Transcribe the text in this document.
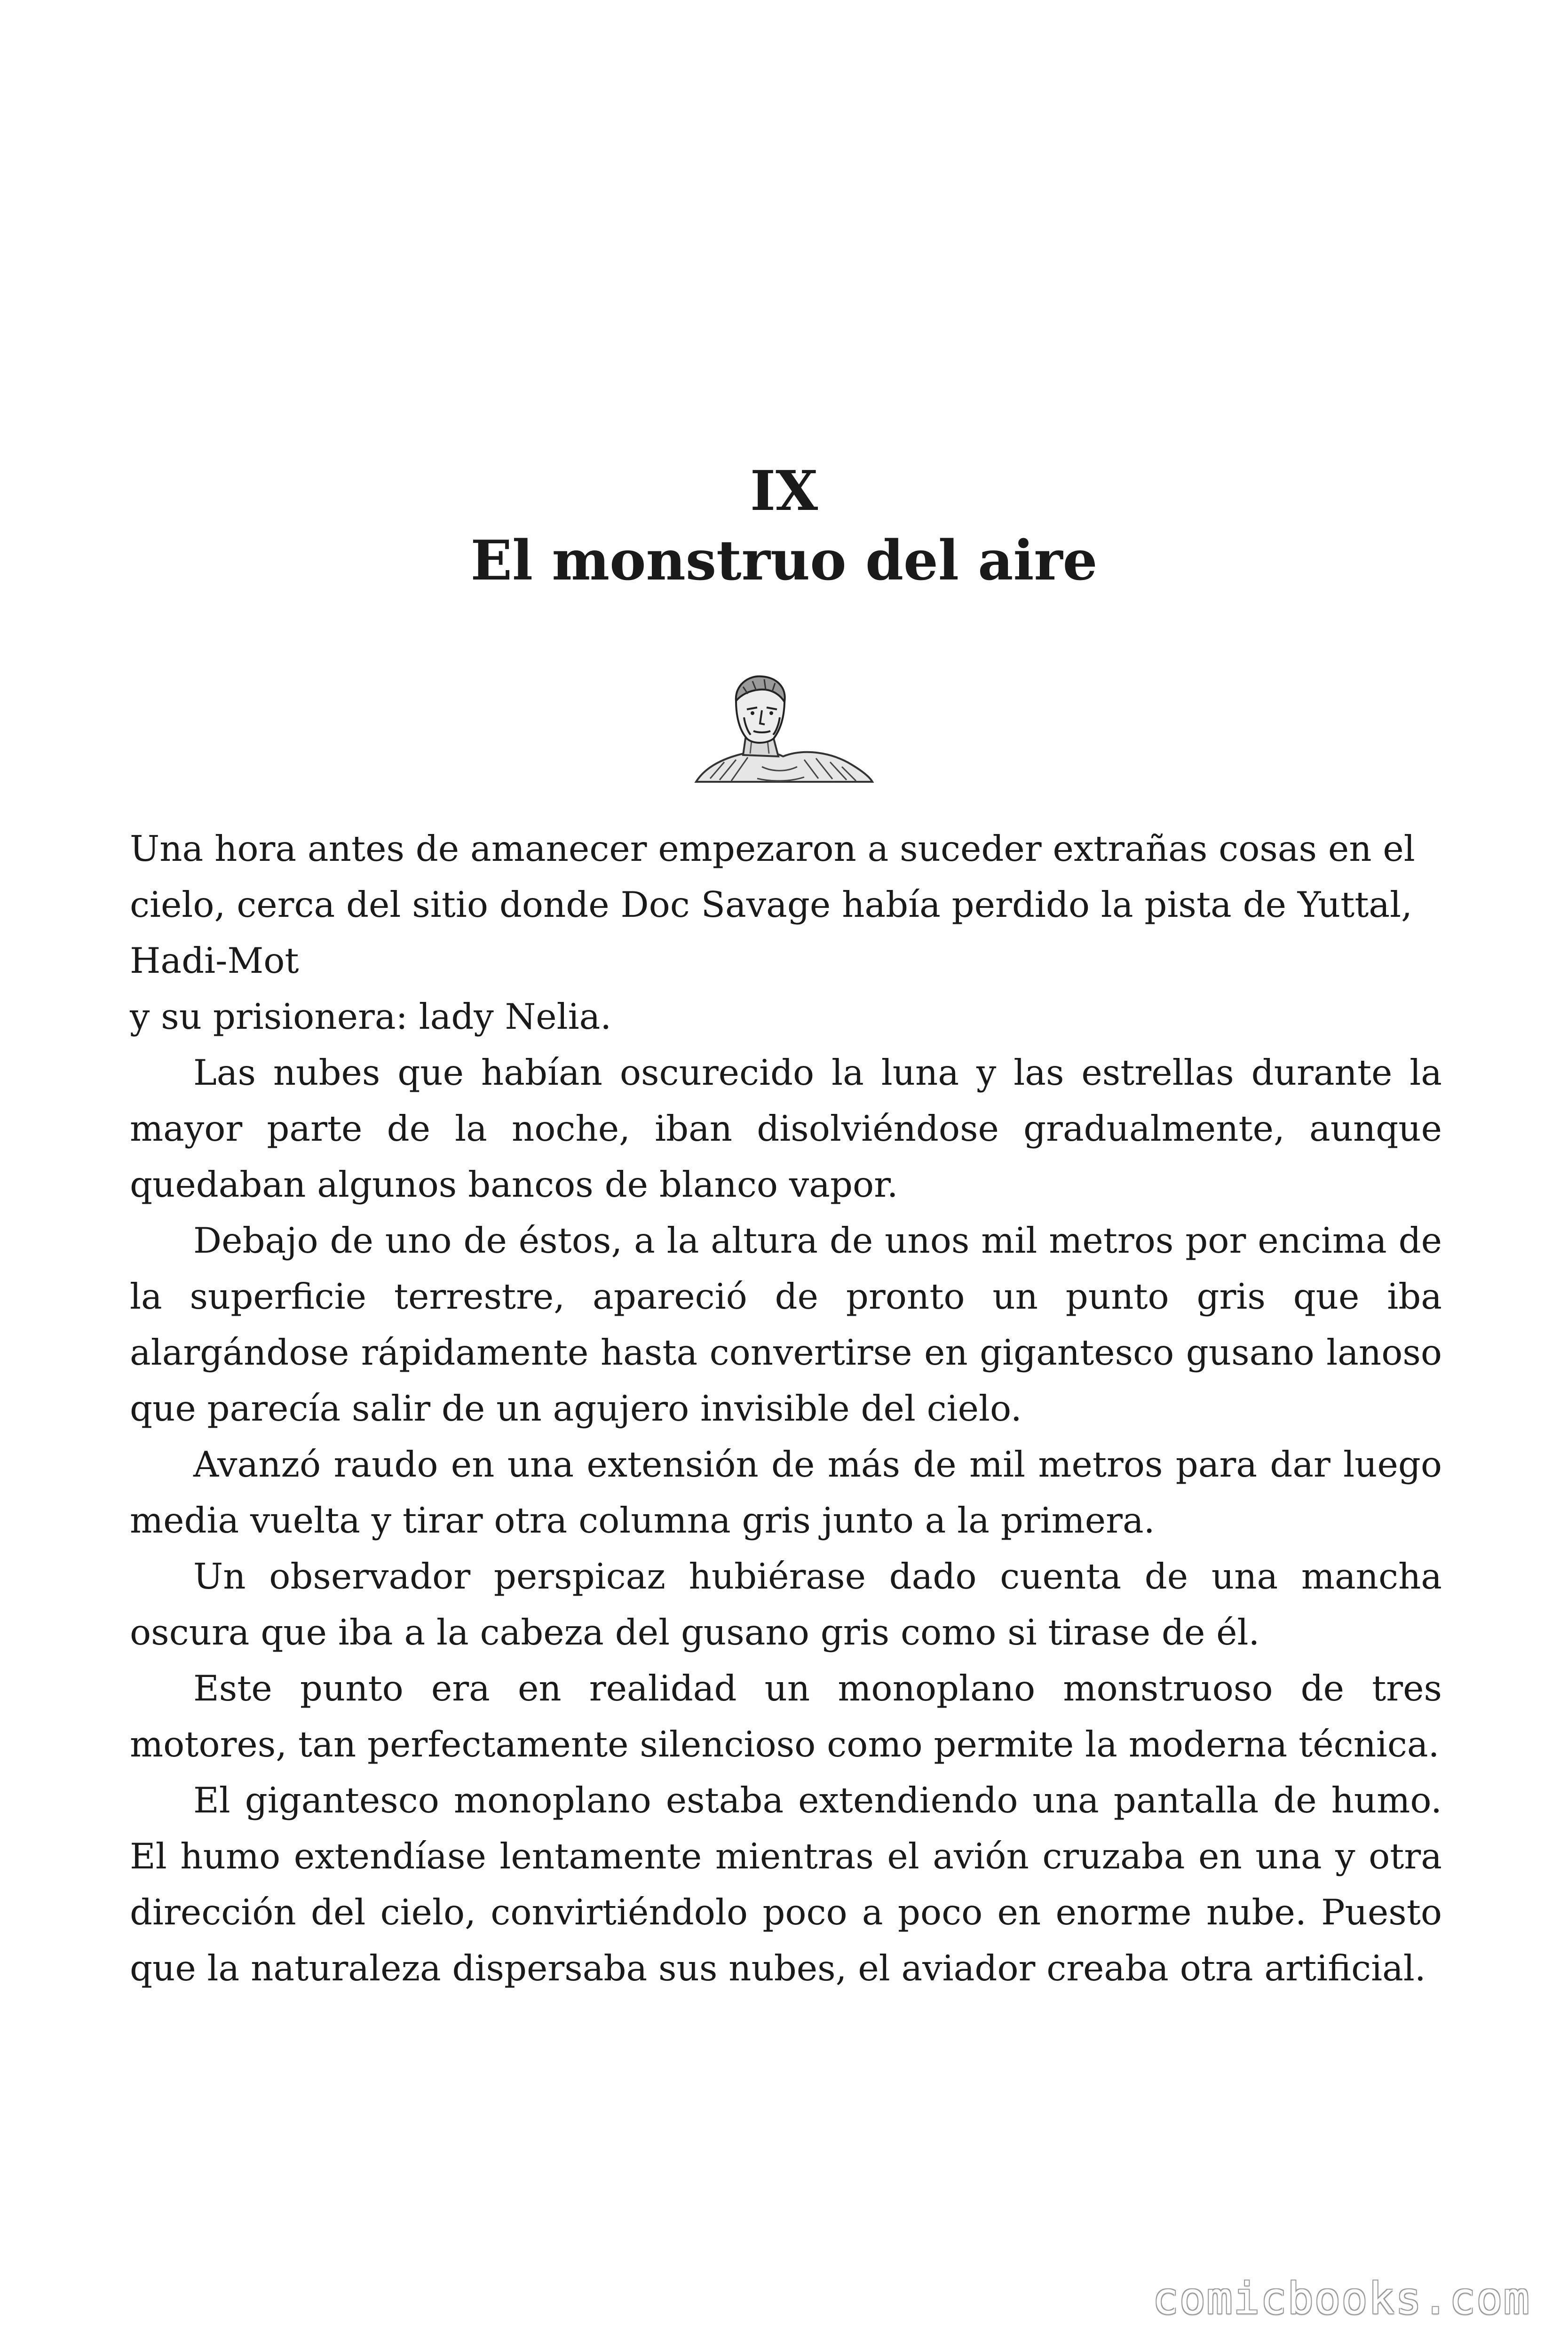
IX
El monstruo del aire

Una hora antes de amanecer empezaron a suceder extrañas cosas en el cielo, cerca del sitio donde Doc Savage había perdido la pista de Yuttal,

Hadi-Mot

y su prisionera: lady Nelia.

Las nubes que habían oscurecido la luna y las estrellas durante la mayor parte de la noche, iban disolviéndose gradualmente, aunque quedaban algunos bancos de blanco vapor.

Debajo de uno de éstos, a la altura de unos mil metros por encima de la superficie terrestre, apareció de pronto un punto gris que iba alargándose rápidamente hasta convertirse en gigantesco gusano lanoso que parecía salir de un agujero invisible del cielo.

Avanzó raudo en una extensión de más de mil metros para dar luego media vuelta y tirar otra columna gris junto a la primera.

Un observador perspicaz hubiérase dado cuenta de una mancha oscura que iba a la cabeza del gusano gris como si tirase de él.

Este punto era en realidad un monoplano monstruoso de tres motores, tan perfectamente silencioso como permite la moderna técnica.

El gigantesco monoplano estaba extendiendo una pantalla de humo. El humo extendíase lentamente mientras el avión cruzaba en una y otra dirección del cielo, convirtiéndolo poco a poco en enorme nube. Puesto que la naturaleza dispersaba sus nubes, el aviador creaba otra artificial.

comicbooks.com
